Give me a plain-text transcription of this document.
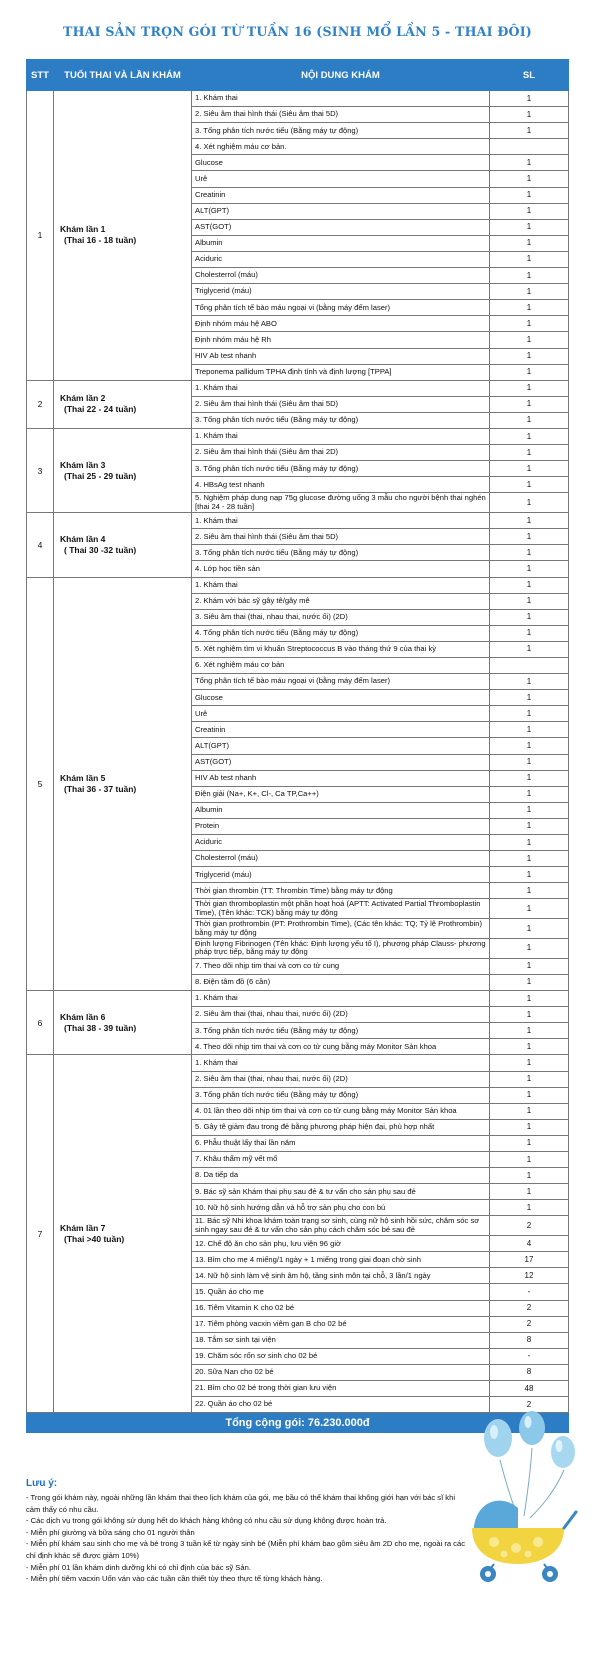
THAI SẢN TRỌN GÓI TỪ TUẦN 16 (SINH MỔ LẦN 5 - THAI ĐÔI)
STT	TUỔI THAI VÀ LẦN KHÁM	NỘI DUNG KHÁM	SL
1	Khám lần 1
(Thai 16 - 18 tuần)	1. Khám thai	1
		2. Siêu âm thai hình thái (Siêu âm thai 5D)	1
		3. Tổng phân tích nước tiểu (Bằng máy tự động)	1
		4. Xét nghiệm máu cơ bản.	
		Glucose	1
		Urê	1
		Creatinin	1
		ALT(GPT)	1
		AST(GOT)	1
		Albumin	1
		Aciduric	1
		Cholesterrol (máu)	1
		Triglycerid (máu)	1
		Tổng phân tích tế bào máu ngoại vi (bằng máy đếm laser)	1
		Định nhóm máu hệ ABO	1
		Định nhóm máu hệ Rh	1
		HIV Ab test nhanh	1
		Treponema pallidum TPHA định tính và định lượng [TPPA]	1
2	Khám lần 2
(Thai 22 - 24 tuần)	1. Khám thai	1
		2. Siêu âm thai hình thái (Siêu âm thai 5D)	1
		3. Tổng phân tích nước tiểu (Bằng máy tự động)	1
3	Khám lần 3
(Thai 25 - 29 tuần)	1. Khám thai	1
		2. Siêu âm thai hình thái (Siêu âm thai 2D)	1
		3. Tổng phân tích nước tiểu (Bằng máy tự động)	1
		4. HBsAg test nhanh	1
		5. Nghiệm pháp dung nạp 75g glucose đường uống 3 mẫu cho người bệnh thai nghén [thai 24 - 28 tuần]	1
4	Khám lần 4
( Thai 30 -32 tuần)	1. Khám thai	1
		2. Siêu âm thai hình thái (Siêu âm thai 5D)	1
		3. Tổng phân tích nước tiểu (Bằng máy tự động)	1
		4. Lớp học tiền sản	1
5	Khám lần 5
(Thai 36 - 37 tuần)	1. Khám thai	1
		2. Khám với bác sỹ gây tê/gây mê	1
		3. Siêu âm thai (thai, nhau thai, nước ối) (2D)	1
		4. Tổng phân tích nước tiểu (Bằng máy tự động)	1
		5. Xét nghiệm tìm vi khuẩn Streptococcus B vào tháng thứ 9 của thai kỳ	1
		6. Xét nghiệm máu cơ bản	
		Tổng phân tích tế bào máu ngoại vi (bằng máy đếm laser)	1
		Glucose	1
		Urê	1
		Creatinin	1
		ALT(GPT)	1
		AST(GOT)	1
		HIV Ab test nhanh	1
		Điện giải (Na+, K+, Cl-, Ca TP,Ca++)	1
		Albumin	1
		Protein	1
		Aciduric	1
		Cholesterrol (máu)	1
		Triglycerid (máu)	1
		Thời gian thrombin (TT: Thrombin Time) bằng máy tự động	1
		Thời gian thromboplastin một phần hoạt hoá (APTT: Activated Partial Thromboplastin Time), (Tên khác: TCK) bằng máy tự động	1
		Thời gian prothrombin (PT: Prothrombin Time), (Các tên khác: TQ; Tỷ lệ Prothrombin) bằng máy tự động	1
		Định lượng Fibrinogen (Tên khác: Định lượng yếu tố I), phương pháp Clauss- phương pháp trực tiếp, bằng máy tự động	1
		7. Theo dõi nhịp tim thai và cơn co tử cung	1
		8. Điện tâm đồ (6 cần)	1
6	Khám lần 6
(Thai 38 - 39 tuần)	1. Khám thai	1
		2. Siêu âm thai (thai, nhau thai, nước ối) (2D)	1
		3. Tổng phân tích nước tiểu (Bằng máy tự động)	1
		4. Theo dõi nhịp tim thai và cơn co tử cung bằng máy Monitor Sản khoa	1
7	Khám lần 7
(Thai >40 tuần)	1. Khám thai	1
		2. Siêu âm thai (thai, nhau thai, nước ối) (2D)	1
		3. Tổng phân tích nước tiểu (Bằng máy tự động)	1
		4. 01 lần theo dõi nhịp tim thai và cơn co tử cung bằng máy Monitor Sản khoa	1
		5. Gây tê giảm đau trong đẻ bằng phương pháp hiện đại, phù hợp nhất	1
		6. Phẫu thuật lấy thai lần năm	1
		7. Khâu thẩm mỹ vết mổ	1
		8. Da tiếp da	1
		9. Bác sỹ sản Khám thai phụ sau đẻ & tư vấn cho sản phụ sau đẻ	1
		10. Nữ hộ sinh hướng dẫn và hỗ trợ sản phụ cho con bú	1
		11. Bác sỹ Nhi khoa khám toàn trạng sơ sinh, cùng nữ hộ sinh hồi sức, chăm sóc sơ sinh ngay sau đẻ & tư vấn cho sản phụ cách chăm sóc bé sau đẻ	2
		12. Chế độ ăn cho sản phụ, lưu viện 96 giờ	4
		13. Bỉm cho mẹ 4 miếng/1 ngày + 1 miếng trong giai đoạn chờ sinh	17
		14. Nữ hộ sinh làm vệ sinh âm hộ, tầng sinh môn tại chỗ, 3 lần/1 ngày	12
		15. Quần áo cho mẹ	-
		16. Tiêm Vitamin K cho 02 bé	2
		17. Tiêm phòng vacxin viêm gan B cho 02 bé	2
		18. Tắm sơ sinh tại viện	8
		19. Chăm sóc rốn sơ sinh cho 02 bé	-
		20. Sữa Nan cho 02 bé	8
		21. Bỉm cho 02 bé trong thời gian lưu viện	48
		22. Quần áo cho 02 bé	2
Tổng cộng gói: 76.230.000đ			
Lưu ý:

- Trong gói khám này, ngoài những lần khám thai theo lịch khám của gói, mẹ bầu có thể khám thai không giới hạn với bác sĩ khi cảm thấy có nhu cầu.

- Các dịch vụ trong gói không sử dụng hết do khách hàng không có nhu cầu sử dụng không được hoàn trả.

- Miễn phí giường và bữa sáng cho 01 người thân

- Miễn phí khám sau sinh cho mẹ và bé trong 3 tuần kể từ ngày sinh bé (Miễn phí khám bao gồm siêu âm 2D cho mẹ, ngoài ra các chỉ định khác sẽ được giảm 10%)

- Miễn phí 01 lần khám dinh dưỡng khi có chỉ định của bác sỹ Sản.

- Miễn phí tiêm vacxin Uốn ván vào các tuần cần thiết tùy theo thực tế từng khách hàng.
